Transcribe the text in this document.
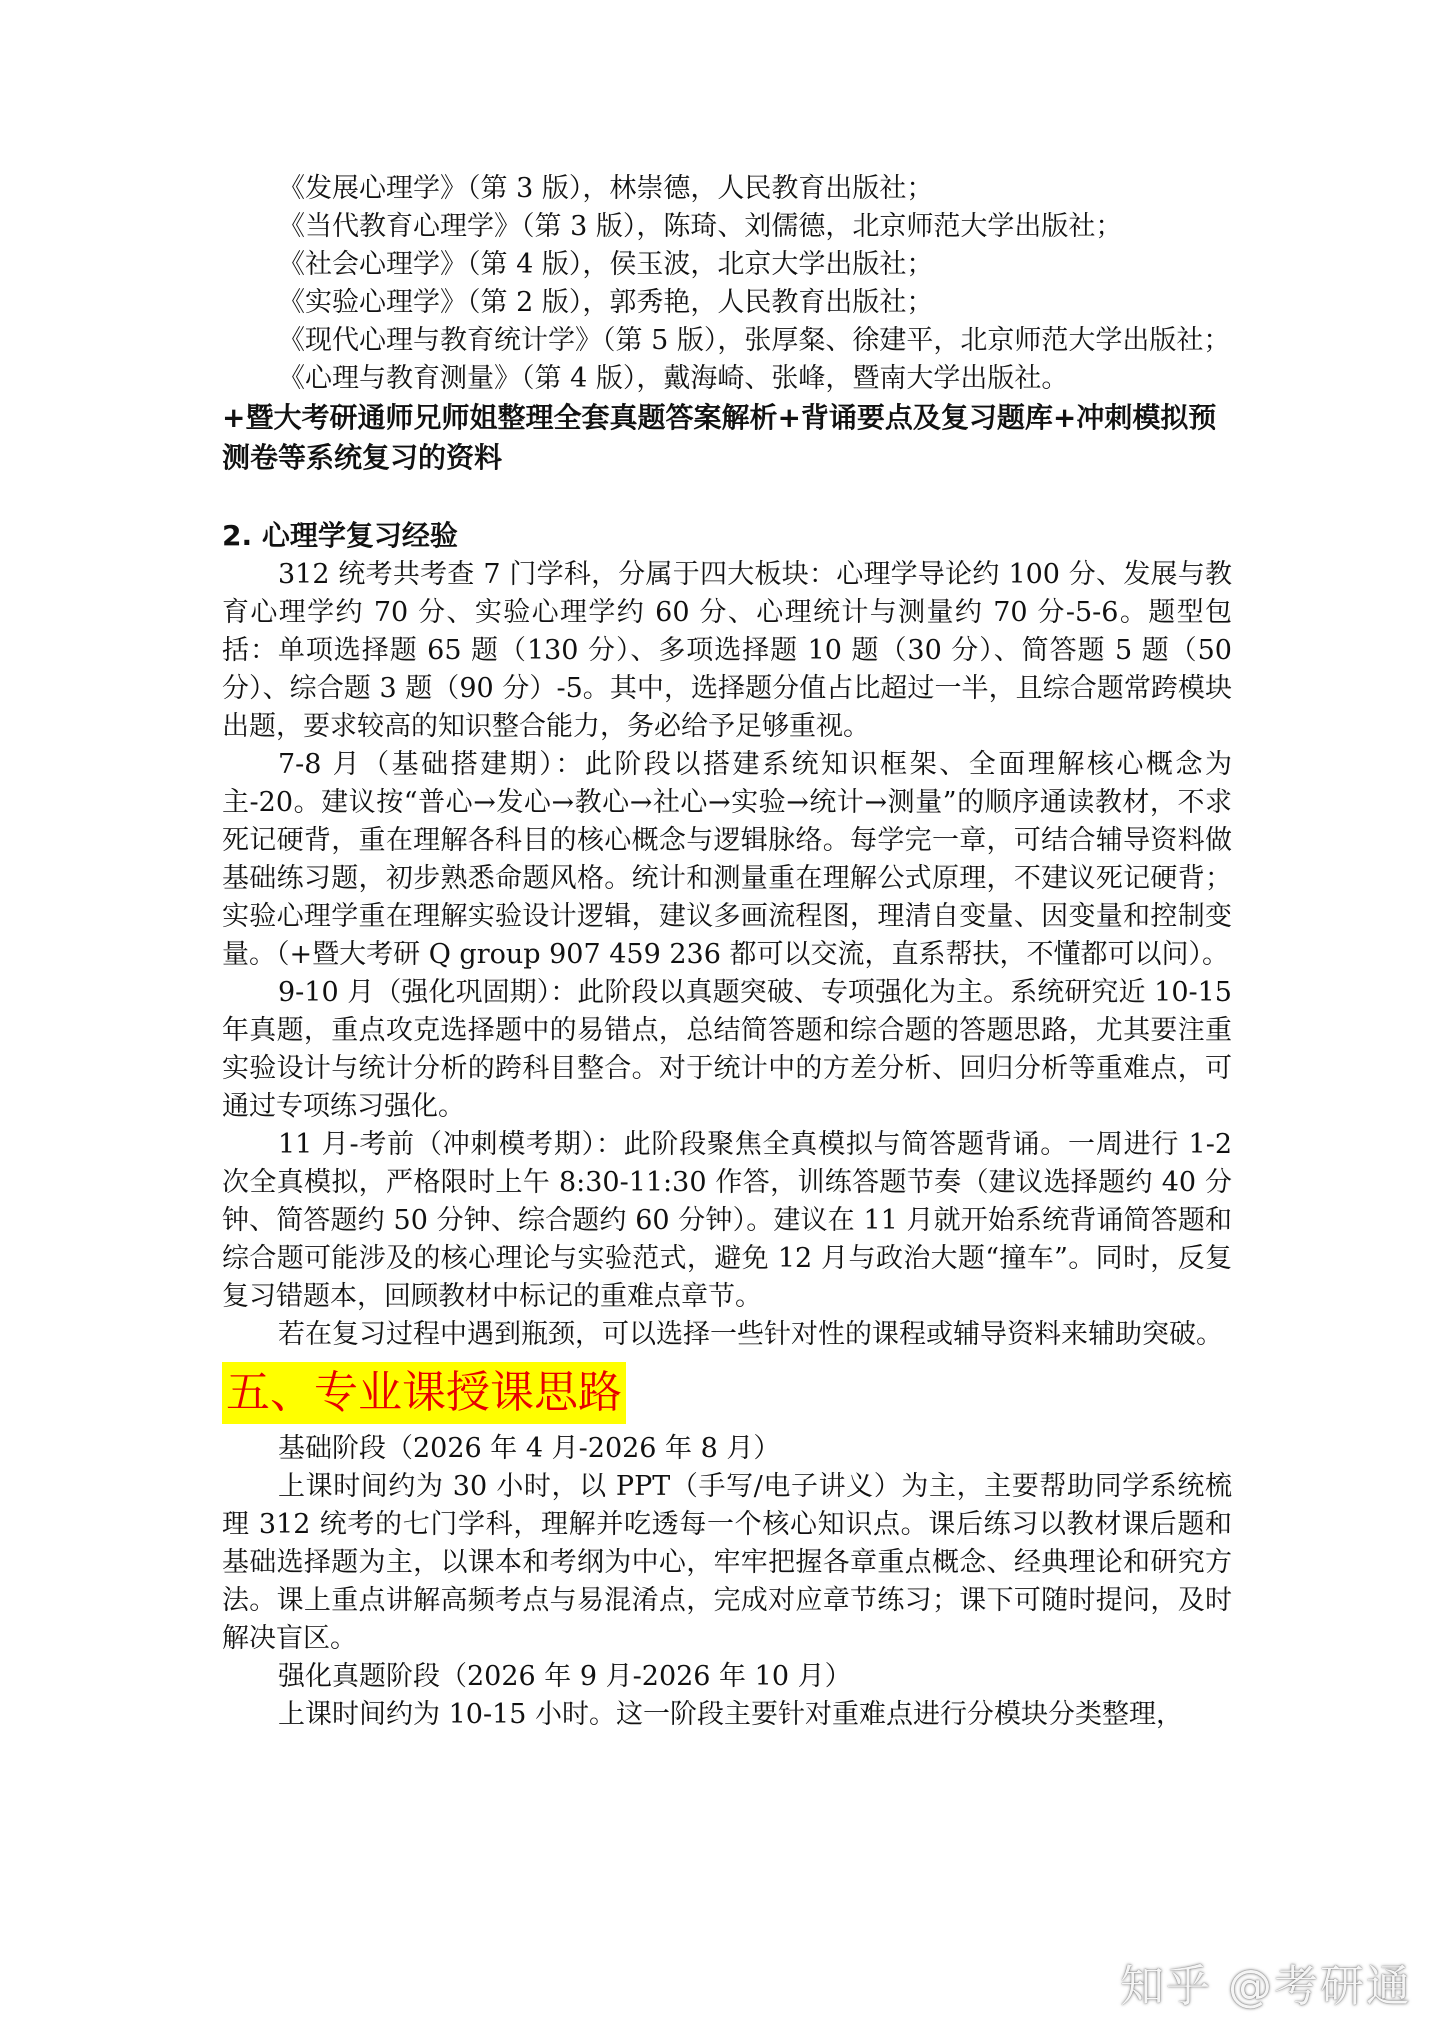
《发展心理学》（第 3 版），林崇德，人民教育出版社；

《当代教育心理学》（第 3 版），陈琦、刘儒德，北京师范大学出版社；

《社会心理学》（第 4 版），侯玉波，北京大学出版社；

《实验心理学》（第 2 版），郭秀艳，人民教育出版社；

《现代心理与教育统计学》（第 5 版），张厚粲、徐建平，北京师范大学出版社；

《心理与教育测量》（第 4 版），戴海崎、张峰，暨南大学出版社。

+暨大考研通师兄师姐整理全套真题答案解析+背诵要点及复习题库+冲刺模拟预测卷等系统复习的资料

2. 心理学复习经验

312 统考共考查 7 门学科，分属于四大板块：心理学导论约 100 分、发展与教育心理学约 70 分、实验心理学约 60 分、心理统计与测量约 70 分-5-6。题型包括：单项选择题 65 题（130 分）、多项选择题 10 题（30 分）、简答题 5 题（50 分）、综合题 3 题（90 分）-5。其中，选择题分值占比超过一半，且综合题常跨模块出题，要求较高的知识整合能力，务必给予足够重视。

7-8 月（基础搭建期）：此阶段以搭建系统知识框架、全面理解核心概念为主-20。建议按“普心→发心→教心→社心→实验→统计→测量”的顺序通读教材，不求死记硬背，重在理解各科目的核心概念与逻辑脉络。每学完一章，可结合辅导资料做基础练习题，初步熟悉命题风格。统计和测量重在理解公式原理，不建议死记硬背；实验心理学重在理解实验设计逻辑，建议多画流程图，理清自变量、因变量和控制变量。（+暨大考研 Q group 907 459 236 都可以交流，直系帮扶，不懂都可以问）。

9-10 月（强化巩固期）：此阶段以真题突破、专项强化为主。系统研究近 10-15 年真题，重点攻克选择题中的易错点，总结简答题和综合题的答题思路，尤其要注重实验设计与统计分析的跨科目整合。对于统计中的方差分析、回归分析等重难点，可通过专项练习强化。

11 月-考前（冲刺模考期）：此阶段聚焦全真模拟与简答题背诵。一周进行 1-2 次全真模拟，严格限时上午 8:30-11:30 作答，训练答题节奏（建议选择题约 40 分钟、简答题约 50 分钟、综合题约 60 分钟）。建议在 11 月就开始系统背诵简答题和综合题可能涉及的核心理论与实验范式，避免 12 月与政治大题“撞车”。同时，反复复习错题本，回顾教材中标记的重难点章节。

若在复习过程中遇到瓶颈，可以选择一些针对性的课程或辅导资料来辅助突破。

五、专业课授课思路

基础阶段（2026 年 4 月-2026 年 8 月）

上课时间约为 30 小时，以 PPT（手写/电子讲义）为主，主要帮助同学系统梳理 312 统考的七门学科，理解并吃透每一个核心知识点。课后练习以教材课后题和基础选择题为主，以课本和考纲为中心，牢牢把握各章重点概念、经典理论和研究方法。课上重点讲解高频考点与易混淆点，完成对应章节练习；课下可随时提问，及时解决盲区。

强化真题阶段（2026 年 9 月-2026 年 10 月）

上课时间约为 10-15 小时。这一阶段主要针对重难点进行分模块分类整理，

知乎 @考研通
